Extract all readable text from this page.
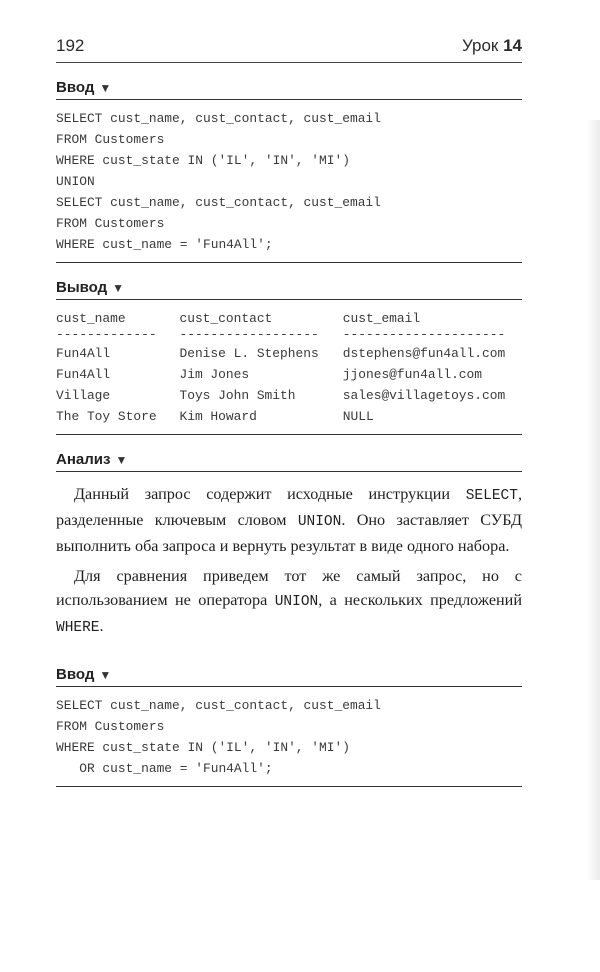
192	Урок 14
Ввод ▼
SELECT cust_name, cust_contact, cust_email
FROM Customers
WHERE cust_state IN ('IL', 'IN', 'MI')
UNION
SELECT cust_name, cust_contact, cust_email
FROM Customers
WHERE cust_name = 'Fun4All';
Вывод ▼
cust_name	cust_contact	cust_email
-------------	------------------	---------------------
Fun4All	Denise L. Stephens	dstephens@fun4all.com
Fun4All	Jim Jones	jjones@fun4all.com
Village	Toys John Smith	sales@villagetoys.com
The Toy Store	Kim Howard	NULL
Анализ ▼

Данный запрос содержит исходные инструкции SELECT, разделенные ключевым словом UNION. Оно заставляет СУБД выполнить оба запроса и вернуть результат в виде одного набора.

Для сравнения приведем тот же самый запрос, но с использованием не оператора UNION, а нескольких предложений WHERE.

Ввод ▼
SELECT cust_name, cust_contact, cust_email
FROM Customers
WHERE cust_state IN ('IL', 'IN', 'MI')
OR cust_name = 'Fun4All';
